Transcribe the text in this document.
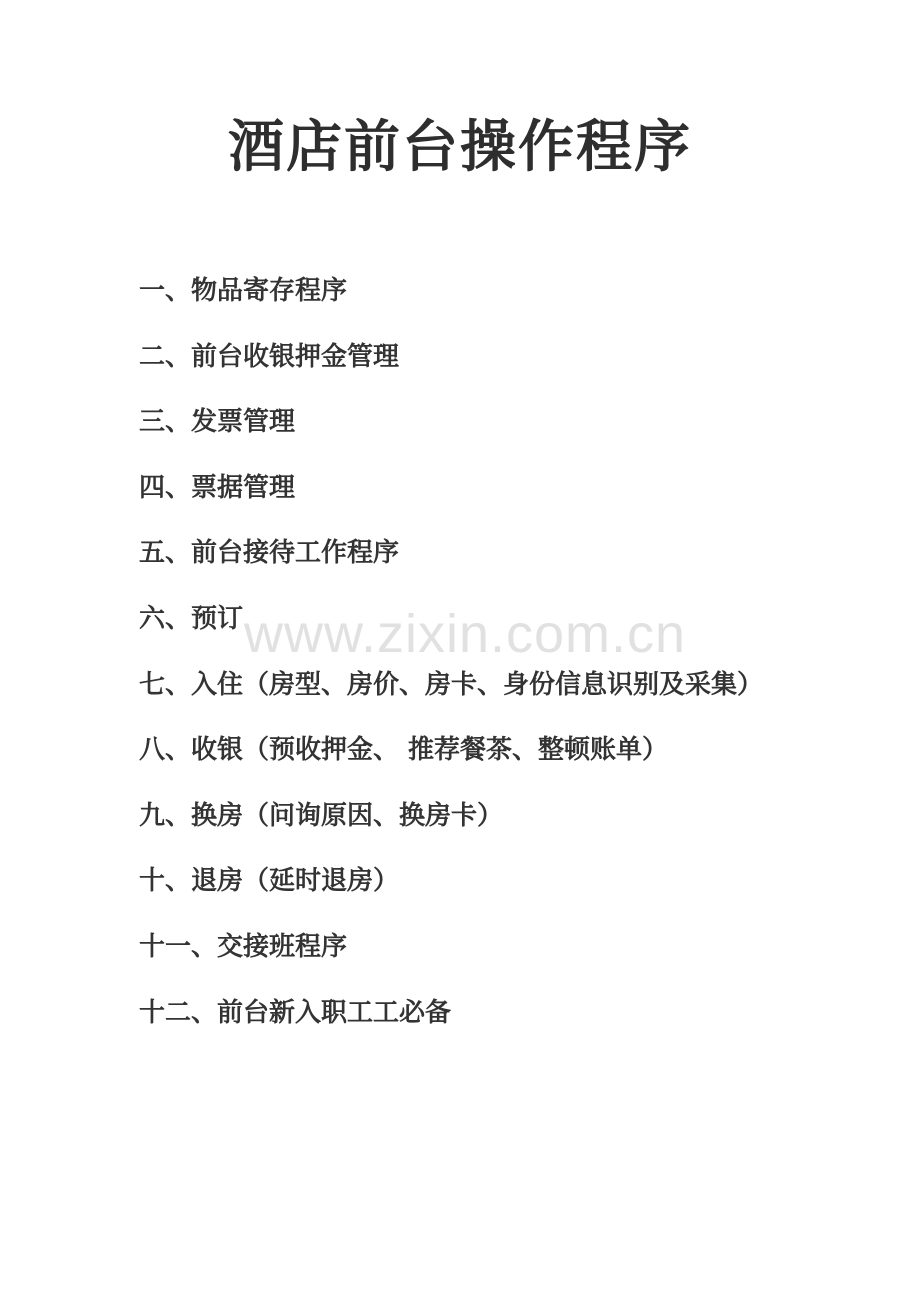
酒店前台操作程序
一、物品寄存程序
二、前台收银押金管理
三、发票管理
四、票据管理
五、前台接待工作程序
六、预订
七、入住（房型、房价、房卡、身份信息识别及采集）
八、收银（预收押金、 推荐餐茶、整顿账单）
九、换房（问询原因、换房卡）
十、退房（延时退房）
十一、交接班程序
十二、前台新入职工工必备
www.zixin.com.cn
